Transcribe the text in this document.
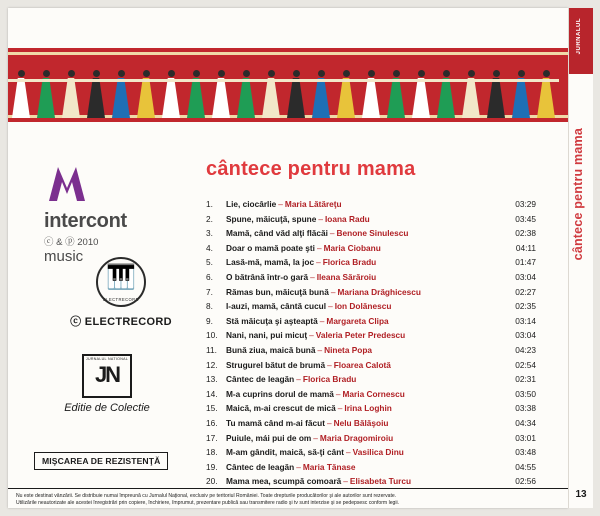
cântece pentru mama
1.	Lie, ciocârlie – Maria Lătăreţu	03:29
2.	Spune, măicuţă, spune – Ioana Radu	03:45
3.	Mamă, când văd alţi flăcăi – Benone Sinulescu	02:38
4.	Doar o mamă poate şti – Maria Ciobanu	04:11
5.	Lasă-mă, mamă, la joc – Florica Bradu	01:47
6.	O bătrână într-o gară – Ileana Sărăroiu	03:04
7.	Rămas bun, măicuţă bună – Mariana Drăghicescu	02:27
8.	I-auzi, mamă, cântă cucul – Ion Dolănescu	02:35
9.	Stă măicuţa şi aşteaptă – Margareta Clipa	03:14
10.	Nani, nani, pui micuţ – Valeria Peter Predescu	03:04
11.	Bună ziua, maică bună – Nineta Popa	04:23
12.	Strugurel bătut de brumă – Floarea Calotă	02:54
13.	Cântec de leagăn – Florica Bradu	02:31
14.	M-a cuprins dorul de mamă – Maria Cornescu	03:50
15.	Maică, m-ai crescut de mică – Irina Loghin	03:38
16.	Tu mamă când m-ai făcut – Nelu Bălăşoiu	04:34
17.	Puiule, mái pui de om – Maria Dragomiroiu	03:01
18.	M-am gândit, maică, să-ţi cânt – Vasilica Dinu	03:48
19.	Cântec de leagăn – Maria Tănase	04:55
20.	Mama mea, scumpă comoară – Elisabeta Turcu	02:56
intercont
ⓒ & ⓟ 2010
music
🎹
ELECTRECORD
ⓒ ELECTRECORD
JURNALUL NATIONAL
JN
Editie de Colectie
MIŞCAREA DE REZISTENŢĂ
Nu este destinat vânzării. Se distribuie numai împreună cu Jurnalul Naţional, exclusiv pe teritoriul României. Toate drepturile producătorilor şi ale autorilor sunt rezervate.
Utilizările neautorizate ale acestei înregistrări prin copiere, închiriere, împrumut, prezentare publică sau transmitere radio şi tv sunt interzise şi se pedepsesc conform legii.
JURNALUL
cântece pentru mama
13
